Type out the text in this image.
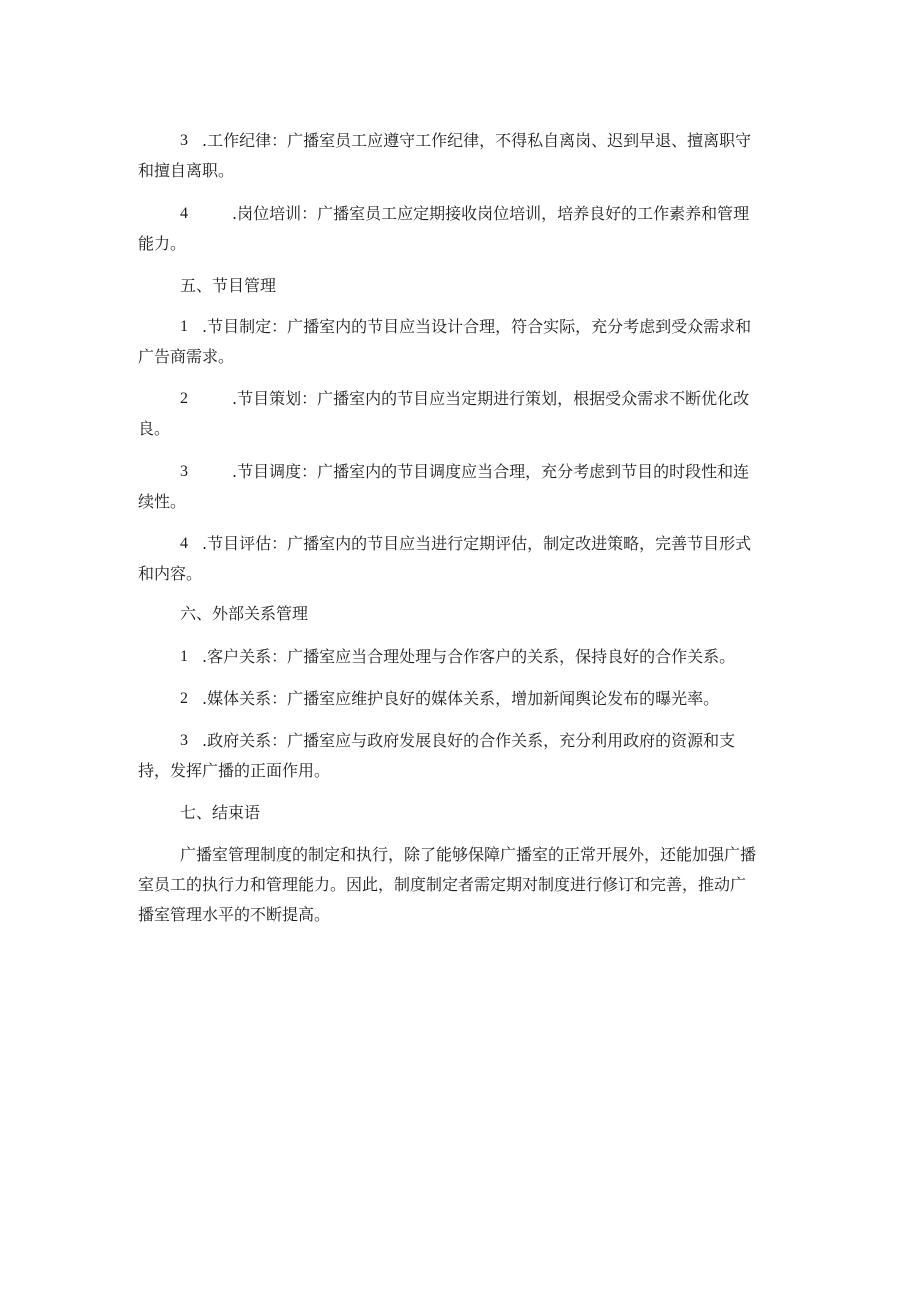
3 .工作纪律：广播室员工应遵守工作纪律，不得私自离岗、迟到早退、擅离职守
和擅自离职。
4	.岗位培训：广播室员工应定期接收岗位培训，培养良好的工作素养和管理
能力。
五、节目管理
1 .节目制定：广播室内的节目应当设计合理，符合实际，充分考虑到受众需求和
广告商需求。
2	.节目策划：广播室内的节目应当定期进行策划，根据受众需求不断优化改
良。
3	.节目调度：广播室内的节目调度应当合理，充分考虑到节目的时段性和连
续性。
4 .节目评估：广播室内的节目应当进行定期评估，制定改进策略，完善节目形式
和内容。
六、外部关系管理
1 .客户关系：广播室应当合理处理与合作客户的关系，保持良好的合作关系。
2 .媒体关系：广播室应维护良好的媒体关系，增加新闻舆论发布的曝光率。
3 .政府关系：广播室应与政府发展良好的合作关系，充分利用政府的资源和支
持，发挥广播的正面作用。
七、结束语
广播室管理制度的制定和执行，除了能够保障广播室的正常开展外，还能加强广播
室员工的执行力和管理能力。因此，制度制定者需定期对制度进行修订和完善，推动广
播室管理水平的不断提高。
